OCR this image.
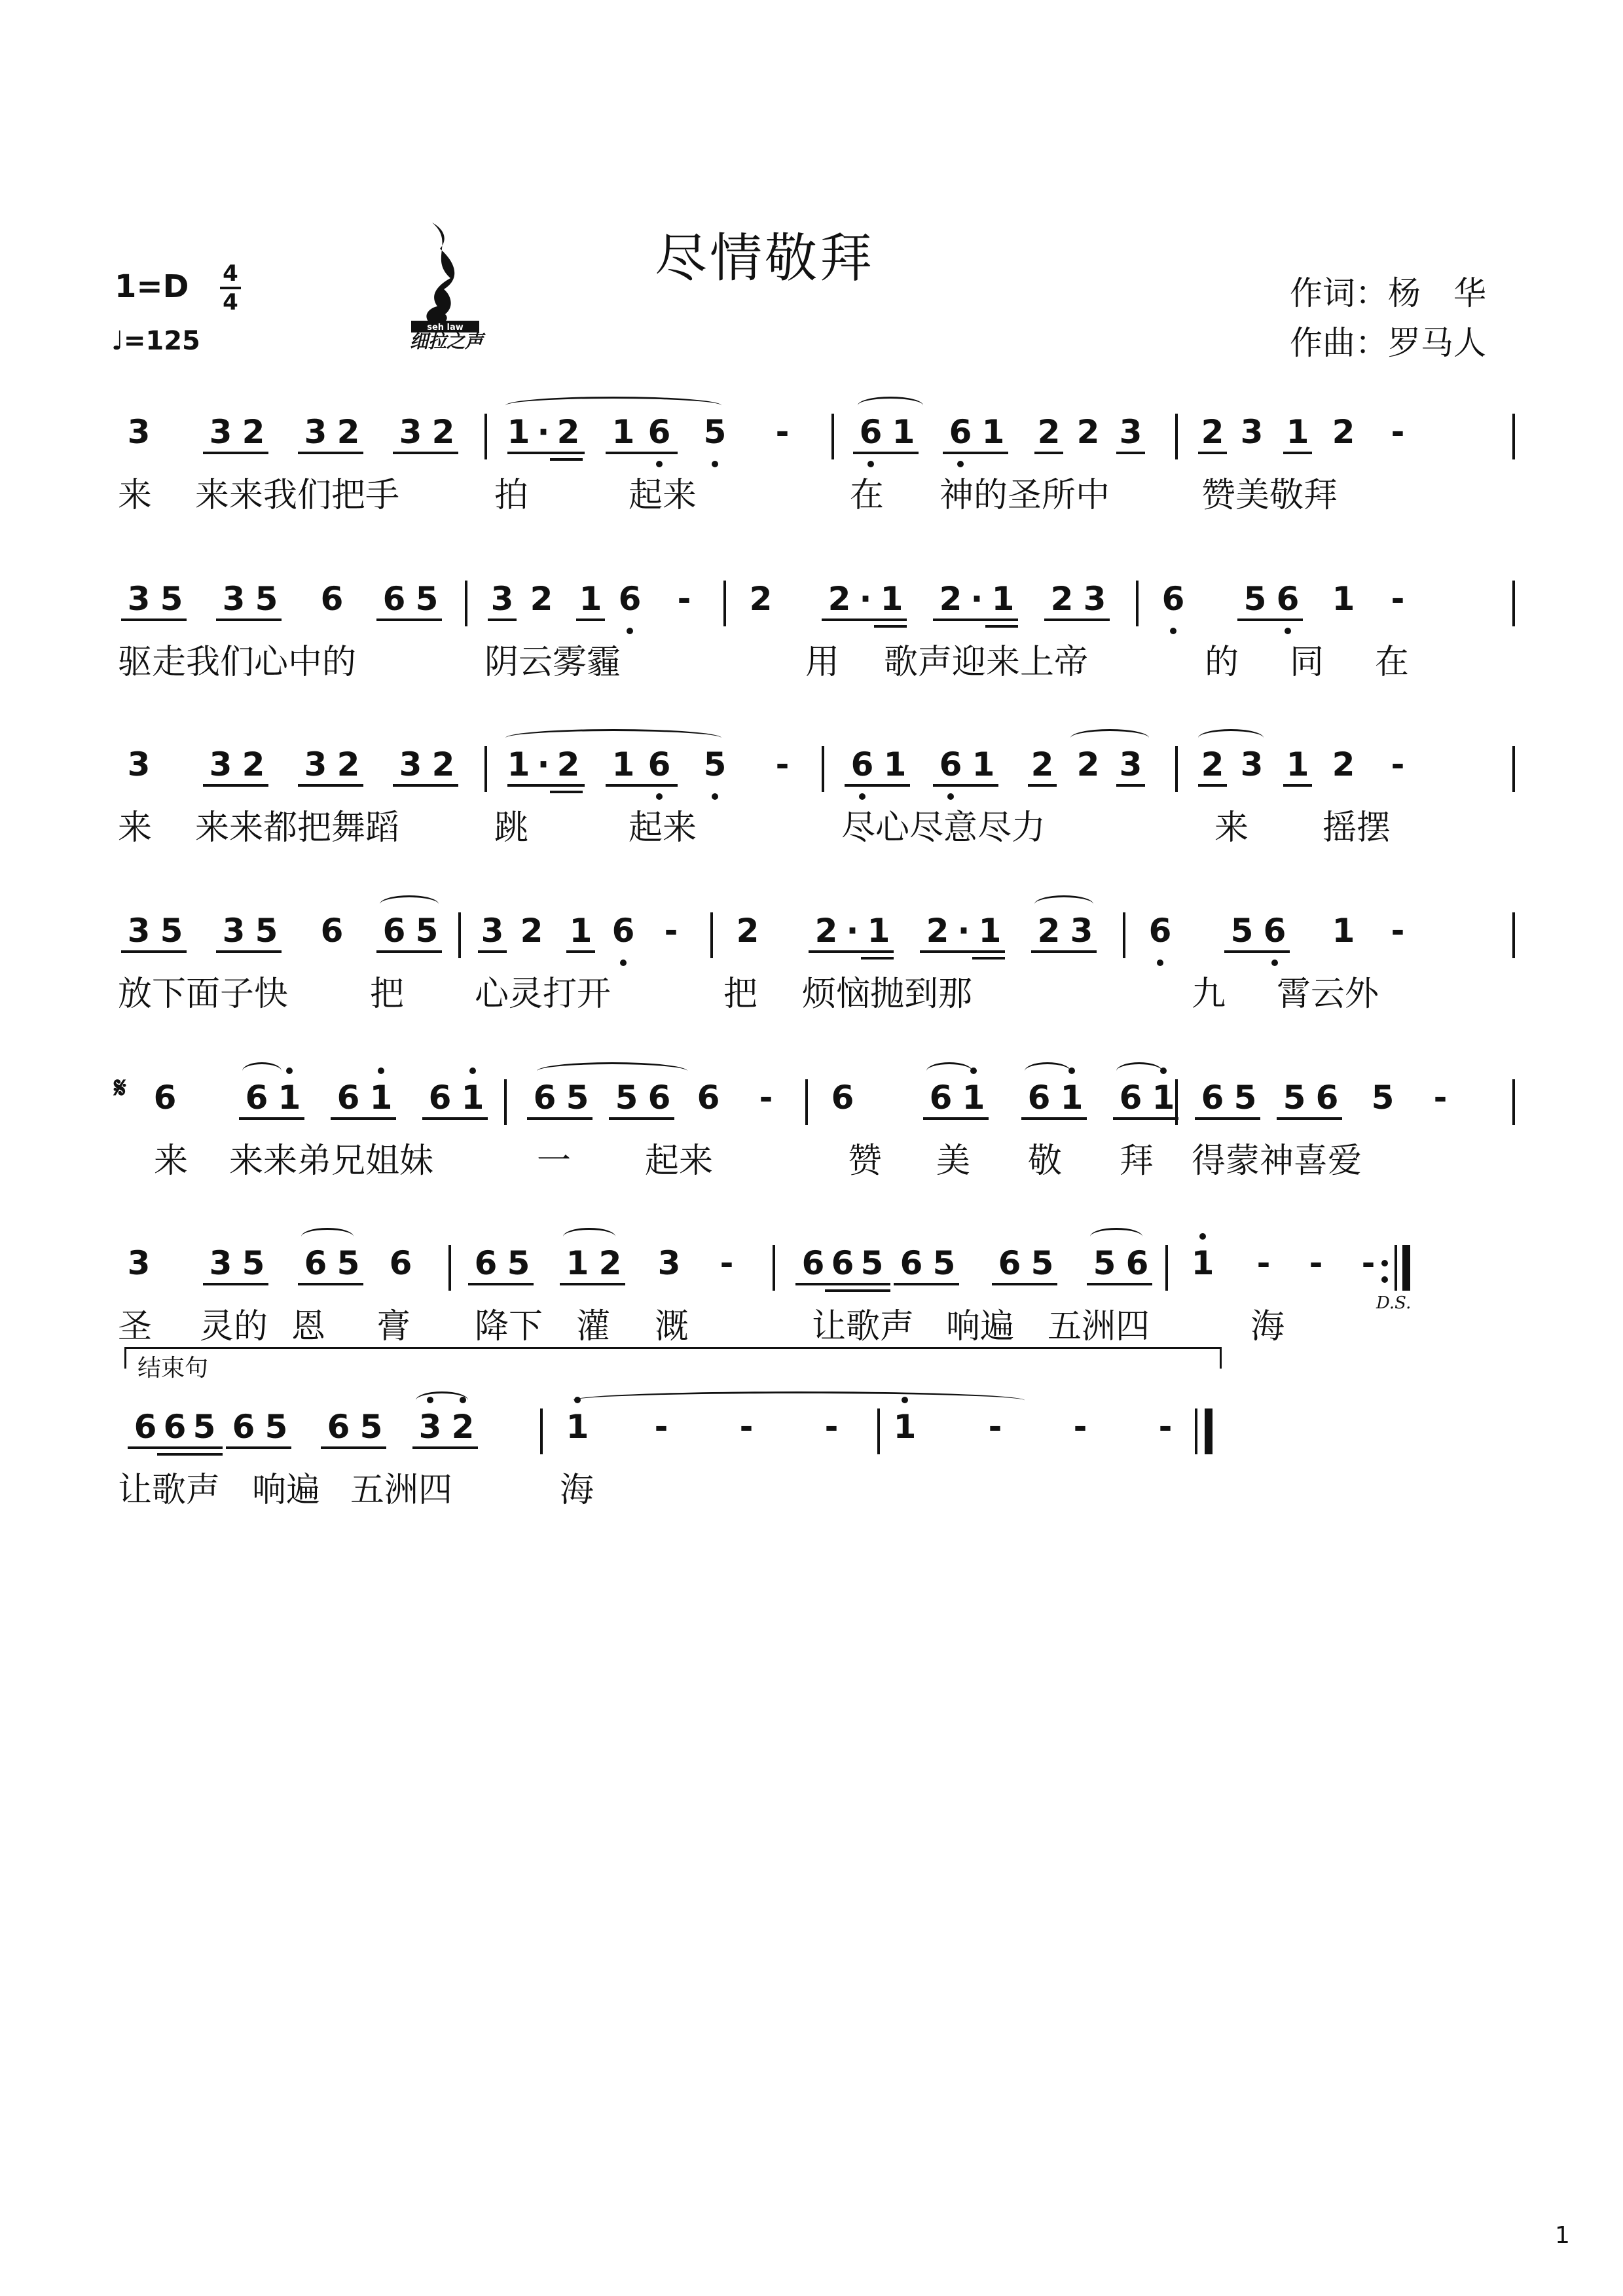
尽情敬拜
1=D 4
4
♩=125	seh law
细拉之声
作词：杨　华
作曲：罗马人
3 3 2 3 2 3 2 1 · 2 1 6 5	-	6 1 6 1 2 2 3 2 3 1 2	-
来 来来我们把手	拍	起来	在 神的圣所中	赞美敬拜
3 5 3 5 6 6 5 3 2 1 6	-	2 2 · 1 2 · 1 2 3 6 5 6 1	-
驱走我们心中的	阴云雾霾	用 歌声迎来上帝	的 同 在
3 3 2 3 2 3 2 1 · 2 1 6 5	-	6 1 6 1 2 2 3 2 3 1 2	-
来 来来都把舞蹈	跳	起来	尽心尽意尽力	来 摇摆
3 5 3 5 6 6 5 3 2 1 6 -	2 2 · 1 2 · 1 2 3 6 5 6 1	-
放下面子快 把 心灵打开	把 烦恼抛到那	九 霄云外
𝄋 6 6 1 6 1 6 1 6 5 5 6 6	-	6 6 1 6 1 6 1 6 5 5 6 5	-
来 来来弟兄姐妹	一 起来	赞 美 敬 拜 得蒙神喜爱
3 3 5 6 5 6 6 5 1 2 3	-	6 6 5 6 5 6 5 5 6 1	-	-	-
D.S.
圣 灵的 恩 膏 降下 灌 溉	让歌声 响遍 五洲四	海
结束句
6 6 5 6 5 6 5 3 2	1	-	-	-	1	-	-	-
让歌声 响遍 五洲四	海
1
